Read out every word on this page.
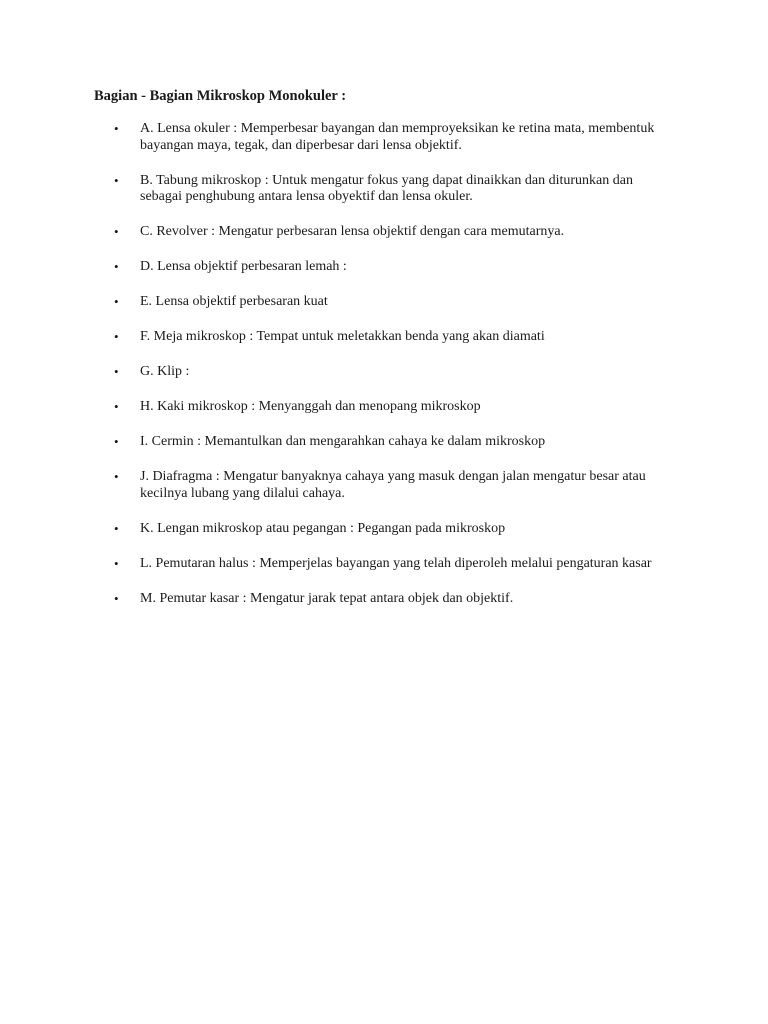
Bagian - Bagian Mikroskop Monokuler :
• A. Lensa okuler : Memperbesar bayangan dan memproyeksikan ke retina mata, membentuk bayangan maya, tegak, dan diperbesar dari lensa objektif.
• B. Tabung mikroskop : Untuk mengatur fokus yang dapat dinaikkan dan diturunkan dan sebagai penghubung antara lensa obyektif dan lensa okuler.
• C. Revolver : Mengatur perbesaran lensa objektif dengan cara memutarnya.
• D. Lensa objektif perbesaran lemah :
• E. Lensa objektif perbesaran kuat
• F. Meja mikroskop : Tempat untuk meletakkan benda yang akan diamati
• G. Klip :
• H. Kaki mikroskop : Menyanggah dan menopang mikroskop
• I. Cermin : Memantulkan dan mengarahkan cahaya ke dalam mikroskop
• J. Diafragma : Mengatur banyaknya cahaya yang masuk dengan jalan mengatur besar atau kecilnya lubang yang dilalui cahaya.
• K. Lengan mikroskop atau pegangan : Pegangan pada mikroskop
• L. Pemutaran halus : Memperjelas bayangan yang telah diperoleh melalui pengaturan kasar
• M. Pemutar kasar : Mengatur jarak tepat antara objek dan objektif.
